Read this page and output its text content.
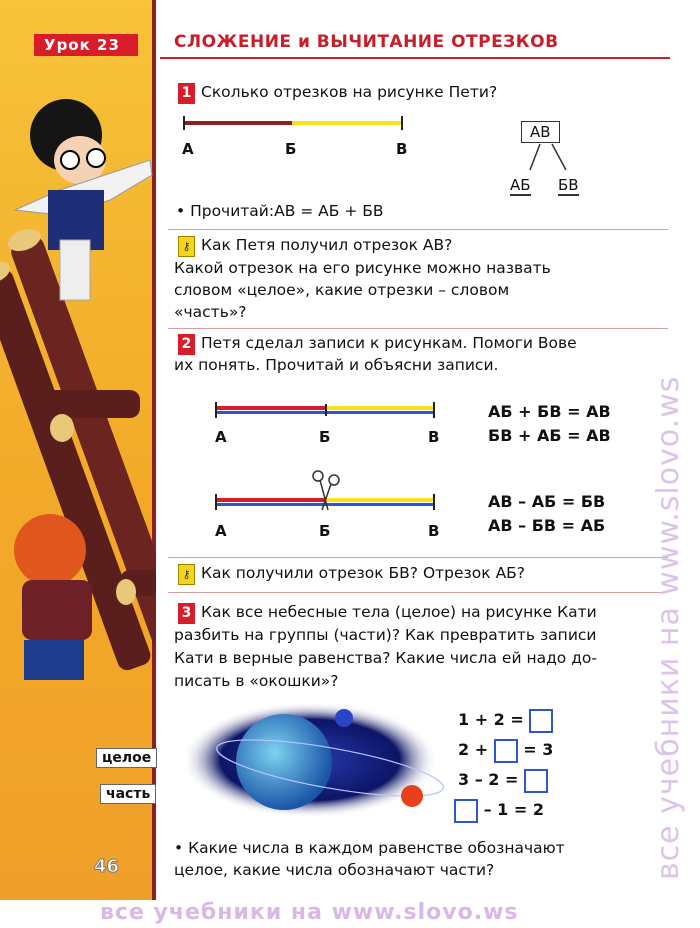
целое
часть
46
Урок 23	СЛОЖЕНИЕ и ВЫЧИТАНИЕ ОТРЕЗКОВ
1 Сколько отрезков на рисунке Пети?
А	Б	В
АВ
АБ БВ
• Прочитай:АВ = АБ + БВ
⚷ Как Петя получил отрезок АВ?
Какой отрезок на его рисунке можно назвать
словом «целое», какие отрезки – словом
«часть»?
2 Петя сделал записи к рисункам. Помоги Вове
их понять. Прочитай и объясни записи.
А	Б	В
А	Б	В
АБ + БВ = АВ
БВ + АБ = АВ
АВ – АБ = БВ
АВ – БВ = АБ
⚷ Как получили отрезок БВ? Отрезок АБ?
3 Как все небесные тела (целое) на рисунке Кати
разбить на группы (части)? Как превратить записи
Кати в верные равенства? Какие числа ей надо до-
писать в «окошки»?
1 + 2 =
2 + = 3
3 – 2 =
– 1 = 2
• Какие числа в каждом равенстве обозначают
целое, какие числа обозначают части?	все учебники на www.slovo.ws
все учебники на www.slovo.ws
